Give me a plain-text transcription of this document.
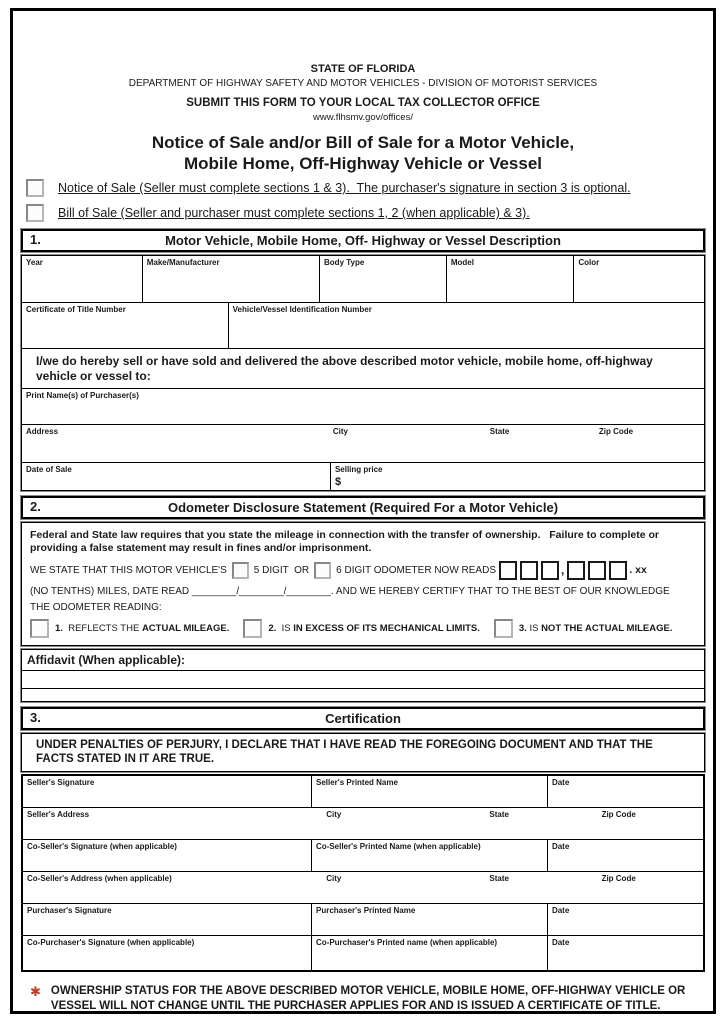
STATE OF FLORIDA
DEPARTMENT OF HIGHWAY SAFETY AND MOTOR VEHICLES - DIVISION OF MOTORIST SERVICES
SUBMIT THIS FORM TO YOUR LOCAL TAX COLLECTOR OFFICE
www.flhsmv.gov/offices/
Notice of Sale and/or Bill of Sale for a Motor Vehicle,
Mobile Home, Off-Highway Vehicle or Vessel
Notice of Sale (Seller must complete sections 1 & 3).  The purchaser's signature in section 3 is optional.
Bill of Sale (Seller and purchaser must complete sections 1, 2 (when applicable) & 3).
1.	Motor Vehicle, Mobile Home, Off- Highway or Vessel Description
Year	Make/Manufacturer	Body Type	Model	Color
Certificate of Title Number	Vehicle/Vessel Identification Number
I/we do hereby sell or have sold and delivered the above described motor vehicle, mobile home, off-highway vehicle or vessel to:
Print Name(s) of Purchaser(s)
Address	City	State	Zip Code
Date of Sale	Selling price
$
2.	Odometer Disclosure Statement (Required For a Motor Vehicle)
Federal and State law requires that you state the mileage in connection with the transfer of ownership.   Failure to complete or providing a false statement may result in fines and/or imprisonment.
WE STATE THAT THIS MOTOR VEHICLE'S	5 DIGIT  OR	6 DIGIT ODOMETER NOW READS	,	. xx
(NO TENTHS) MILES, DATE READ ________/________/________. AND WE HEREBY CERTIFY THAT TO THE BEST OF OUR KNOWLEDGE
THE ODOMETER READING:
1.  REFLECTS THE ACTUAL MILEAGE.	2.  IS IN EXCESS OF ITS MECHANICAL LIMITS.	3. IS NOT THE ACTUAL MILEAGE.
Affidavit (When applicable):
3.	Certification
UNDER PENALTIES OF PERJURY, I DECLARE THAT I HAVE READ THE FOREGOING DOCUMENT AND THAT THE FACTS STATED IN IT ARE TRUE.
Seller's Signature	Seller's Printed Name	Date
Seller's Address	City	State	Zip Code
Co-Seller's Signature (when applicable)	Co-Seller's Printed Name (when applicable)	Date
Co-Seller's Address (when applicable)	City	State	Zip Code
Purchaser's Signature	Purchaser's Printed Name	Date
Co-Purchaser's Signature (when applicable)	Co-Purchaser's Printed name (when applicable)	Date
✱ OWNERSHIP STATUS FOR THE ABOVE DESCRIBED MOTOR VEHICLE, MOBILE HOME, OFF-HIGHWAY VEHICLE OR VESSEL WILL NOT CHANGE UNTIL THE PURCHASER APPLIES FOR AND IS ISSUED A CERTIFICATE OF TITLE.
